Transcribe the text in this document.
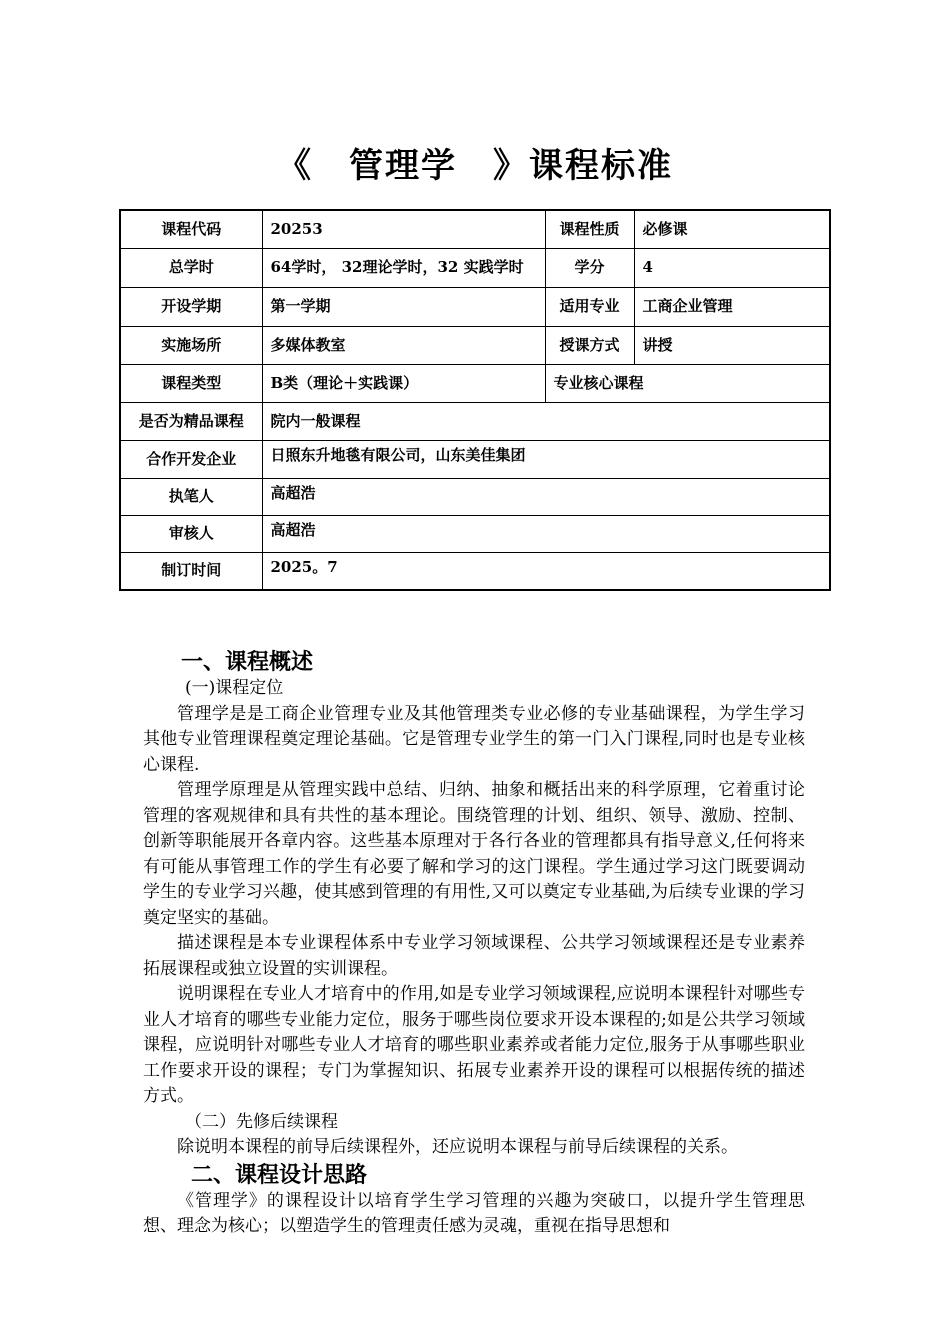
《　管理学　》课程标准
课程代码	20253	课程性质	必修课
总学时	64学时， 32理论学时，32 实践学时	学分	4
开设学期	第一学期	适用专业	工商企业管理
实施场所	多媒体教室	授课方式	讲授
课程类型	B类（理论＋实践课）	专业核心课程	
是否为精品课程	院内一般课程		
合作开发企业	日照东升地毯有限公司，山东美佳集团		
执笔人	高超浩		
审核人	高超浩		
制订时间	2025。7		
一、课程概述
(一)课程定位
管理学是是工商企业管理专业及其他管理类专业必修的专业基础课程，为学生学习其他专业管理课程奠定理论基础。它是管理专业学生的第一门入门课程,同时也是专业核心课程.
管理学原理是从管理实践中总结、归纳、抽象和概括出来的科学原理，它着重讨论管理的客观规律和具有共性的基本理论。围绕管理的计划、组织、领导、激励、控制、创新等职能展开各章内容。这些基本原理对于各行各业的管理都具有指导意义,任何将来有可能从事管理工作的学生有必要了解和学习的这门课程。学生通过学习这门既要调动学生的专业学习兴趣，使其感到管理的有用性,又可以奠定专业基础,为后续专业课的学习奠定坚实的基础。
描述课程是本专业课程体系中专业学习领域课程、公共学习领域课程还是专业素养拓展课程或独立设置的实训课程。
说明课程在专业人才培育中的作用,如是专业学习领域课程,应说明本课程针对哪些专业人才培育的哪些专业能力定位，服务于哪些岗位要求开设本课程的;如是公共学习领域课程，应说明针对哪些专业人才培育的哪些职业素养或者能力定位,服务于从事哪些职业工作要求开设的课程；专门为掌握知识、拓展专业素养开设的课程可以根据传统的描述方式。
（二）先修后续课程
除说明本课程的前导后续课程外，还应说明本课程与前导后续课程的关系。
二、课程设计思路
《管理学》的课程设计以培育学生学习管理的兴趣为突破口，以提升学生管理思想、理念为核心；以塑造学生的管理责任感为灵魂，重视在指导思想和
